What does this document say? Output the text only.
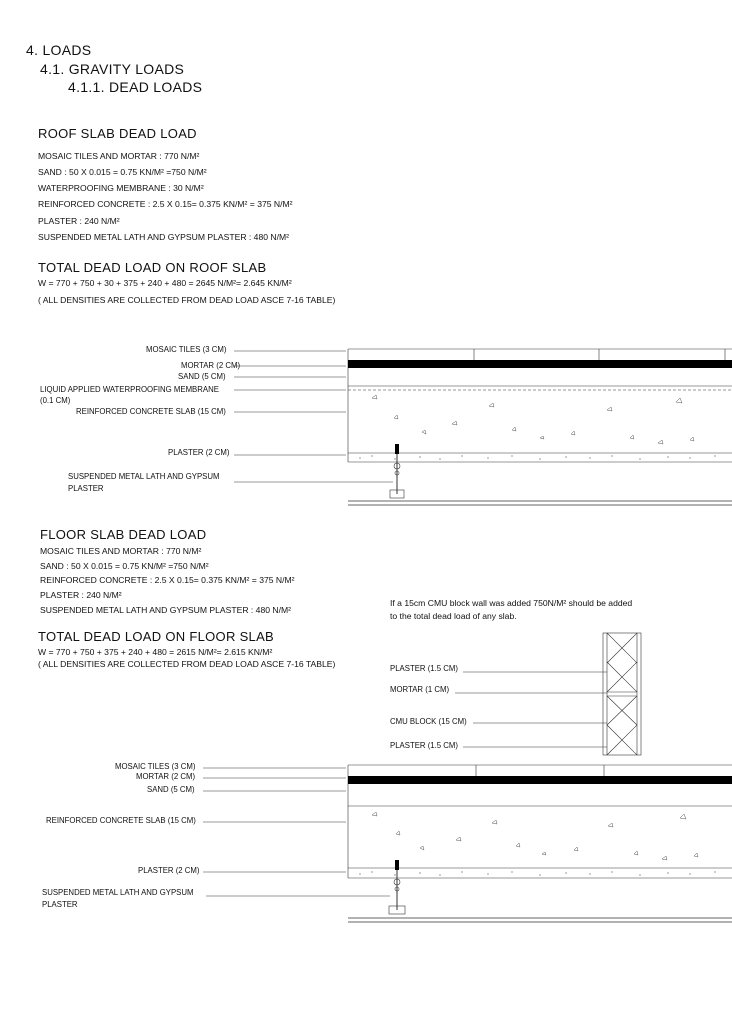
4. LOADS
4.1. GRAVITY LOADS
4.1.1. DEAD LOADS
ROOF SLAB DEAD LOAD
MOSAIC TILES AND MORTAR : 770 N/M²
SAND : 50 X 0.015 = 0.75 KN/M² =750 N/M²
WATERPROOFING MEMBRANE : 30 N/M²
REINFORCED CONCRETE : 2.5 X 0.15= 0.375 KN/M² = 375 N/M²
PLASTER : 240 N/M²
SUSPENDED METAL LATH AND GYPSUM PLASTER : 480 N/M²
TOTAL DEAD LOAD ON ROOF SLAB
W = 770 + 750 + 30 + 375 + 240 + 480 = 2645 N/M²= 2.645 KN/M²
( ALL DENSITIES ARE COLLECTED FROM DEAD LOAD ASCE 7-16 TABLE)
MOSAIC TILES (3 CM)
MORTAR (2 CM)
SAND (5 CM)
LIQUID APPLIED WATERPROOFING MEMBRANE
(0.1 CM)
REINFORCED CONCRETE SLAB (15 CM)
PLASTER (2 CM)
SUSPENDED METAL LATH AND GYPSUM
PLASTER
FLOOR SLAB DEAD LOAD
MOSAIC TILES AND MORTAR : 770 N/M²
SAND : 50 X 0.015 = 0.75 KN/M² =750 N/M²
REINFORCED CONCRETE : 2.5 X 0.15= 0.375 KN/M² = 375 N/M²
PLASTER : 240 N/M²
SUSPENDED METAL LATH AND GYPSUM PLASTER : 480 N/M²
TOTAL DEAD LOAD ON FLOOR SLAB
W = 770 + 750 + 375 + 240 + 480 = 2615 N/M²= 2.615 KN/M²
( ALL DENSITIES ARE COLLECTED FROM DEAD LOAD ASCE 7-16 TABLE)
If a 15cm CMU block wall was added 750N/M² should be added
to the total dead load of any slab.
PLASTER (1.5 CM)
MORTAR (1 CM)
CMU BLOCK (15 CM)
PLASTER (1.5 CM)
MOSAIC TILES (3 CM)
MORTAR (2 CM)
SAND (5 CM)
REINFORCED CONCRETE SLAB (15 CM)
PLASTER (2 CM)
SUSPENDED METAL LATH AND GYPSUM
PLASTER
